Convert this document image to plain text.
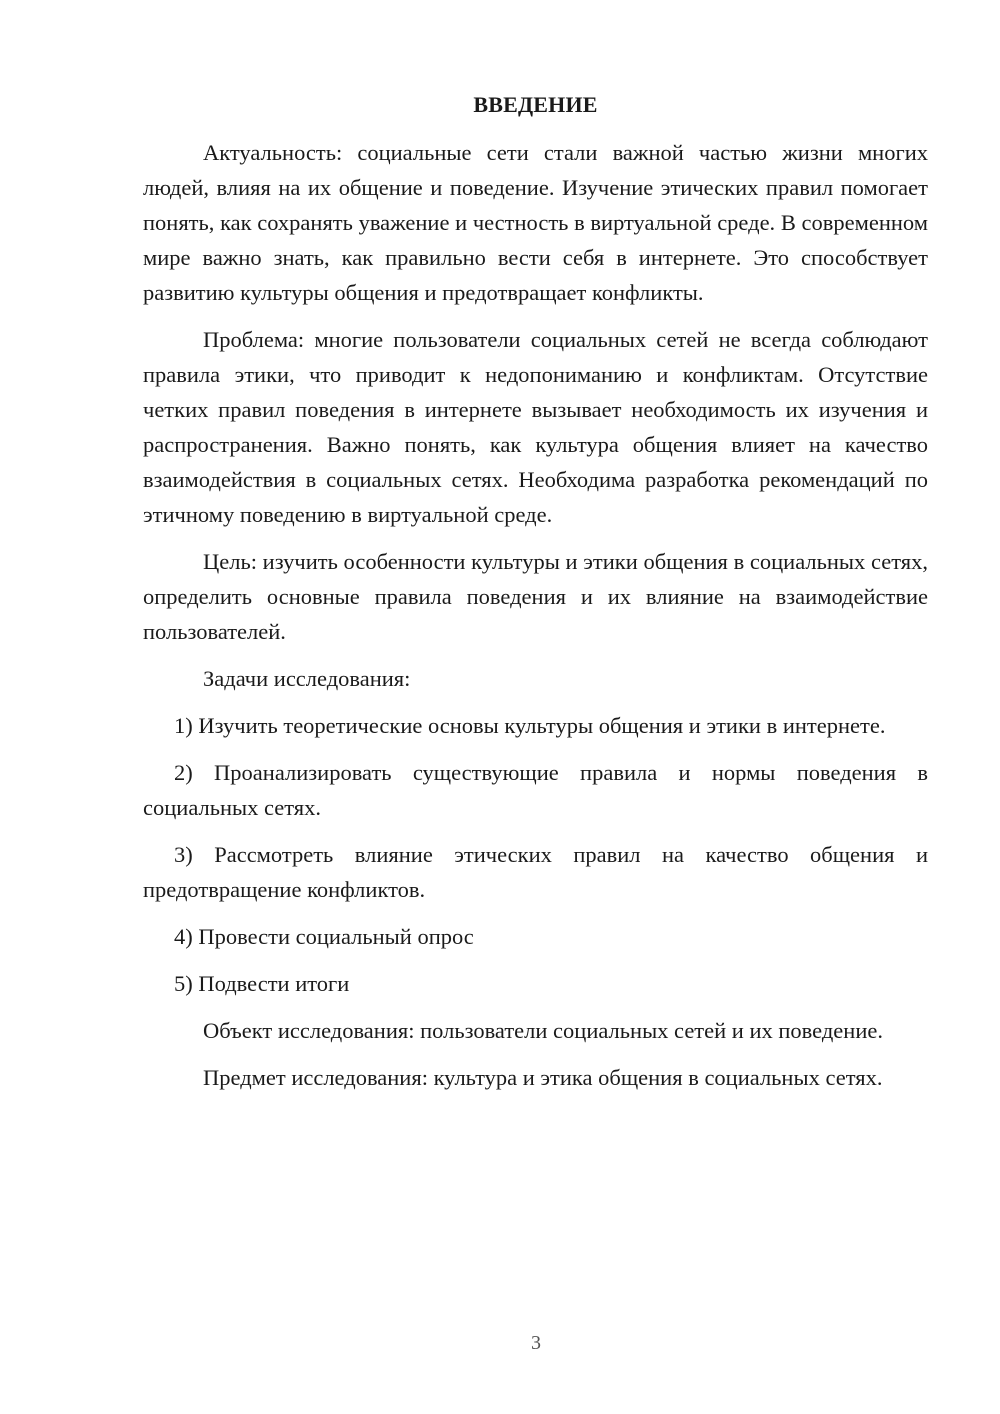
ВВЕДЕНИЕ

Актуальность: социальные сети стали важной частью жизни многих людей, влияя на их общение и поведение. Изучение этических правил помогает понять, как сохранять уважение и честность в виртуальной среде. В современном мире важно знать, как правильно вести себя в интернете. Это способствует развитию культуры общения и предотвращает конфликты.

Проблема: многие пользователи социальных сетей не всегда соблюдают правила этики, что приводит к недопониманию и конфликтам. Отсутствие четких правил поведения в интернете вызывает необходимость их изучения и распространения. Важно понять, как культура общения влияет на качество взаимодействия в социальных сетях. Необходима разработка рекомендаций по этичному поведению в виртуальной среде.

Цель: изучить особенности культуры и этики общения в социальных сетях, определить основные правила поведения и их влияние на взаимодействие пользователей.

Задачи исследования:

1) Изучить теоретические основы культуры общения и этики в интернете.

2) Проанализировать существующие правила и нормы поведения в социальных сетях.

3) Рассмотреть влияние этических правил на качество общения и предотвращение конфликтов.

4) Провести социальный опрос

5) Подвести итоги

Объект исследования: пользователи социальных сетей и их поведение.

Предмет исследования: культура и этика общения в социальных сетях.

3
